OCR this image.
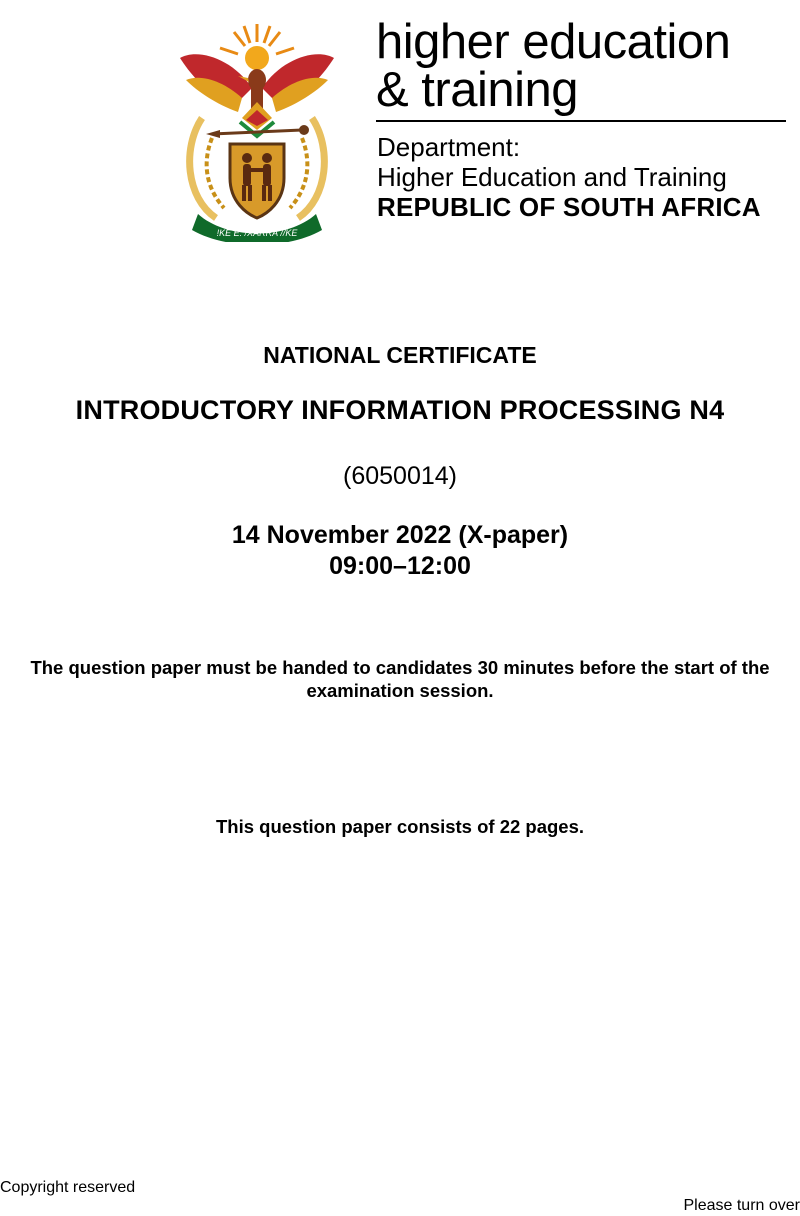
!KE E: /XARRA //KE
higher education
& training
Department:
Higher Education and Training
REPUBLIC OF SOUTH AFRICA
NATIONAL CERTIFICATE
INTRODUCTORY INFORMATION PROCESSING N4
(6050014)
14 November 2022 (X-paper)
09:00–12:00
The question paper must be handed to candidates 30 minutes before the start of the examination session.
This question paper consists of 22 pages.
Copyright reserved
Please turn over
